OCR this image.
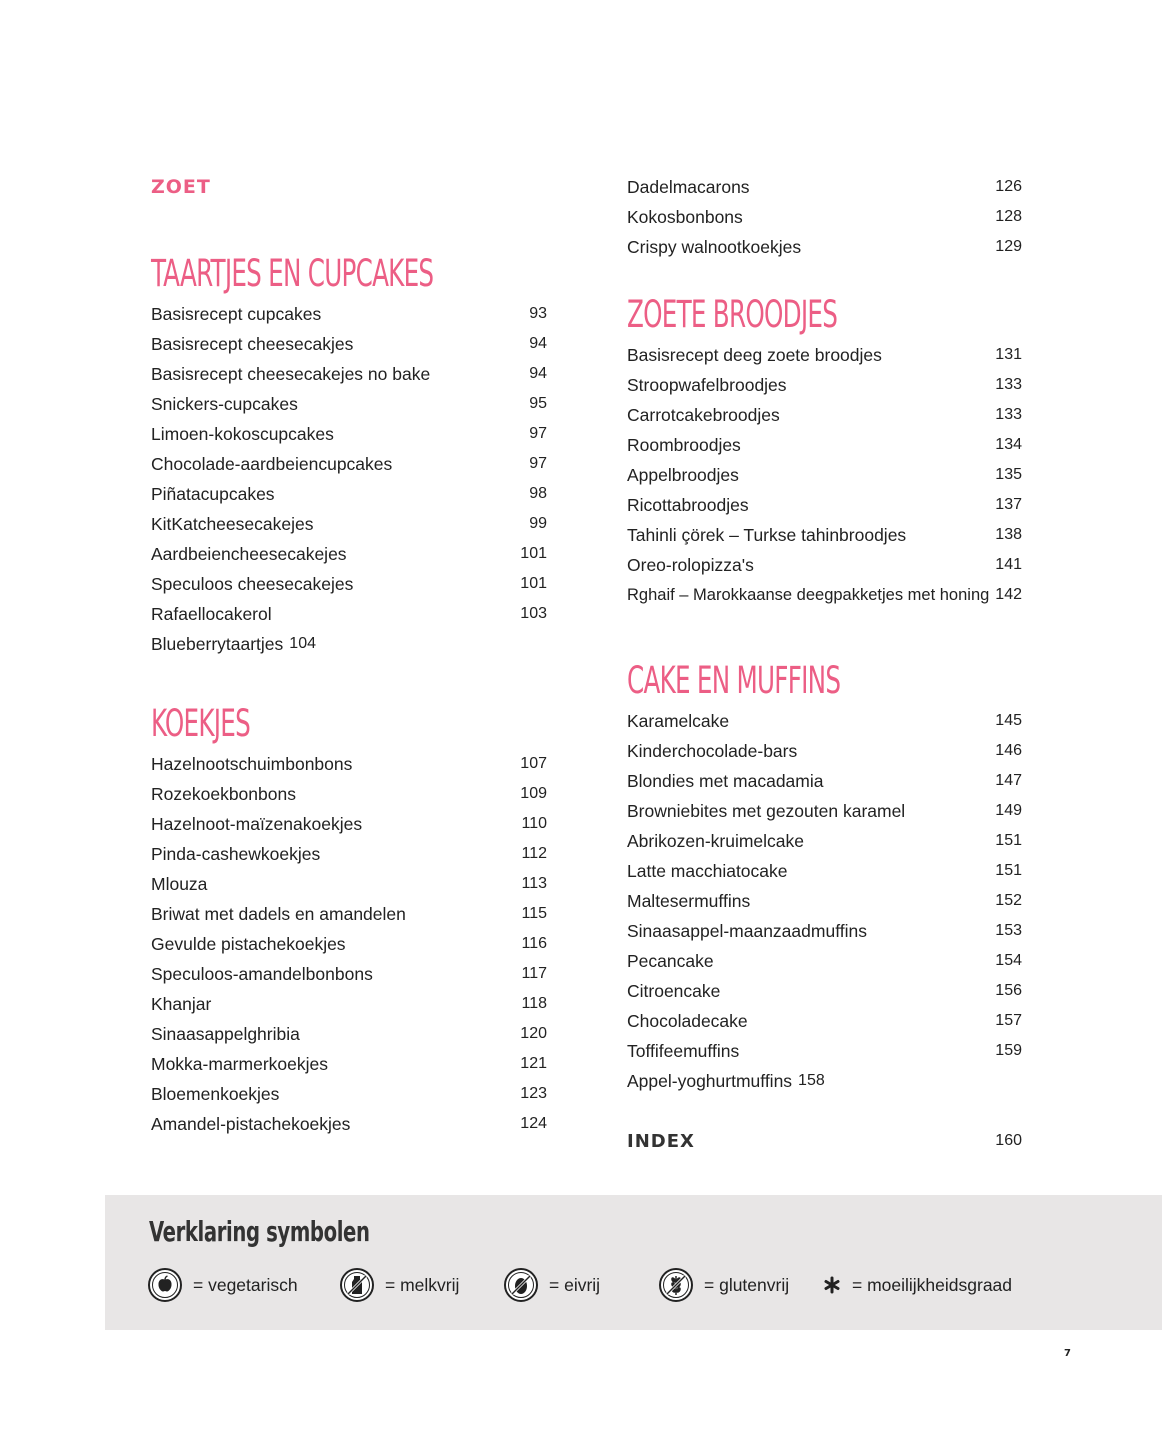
ZOET
TAARTJES EN CUPCAKES
Basisrecept cupcakes	93
Basisrecept cheesecakjes	94
Basisrecept cheesecakejes no bake	94
Snickers-cupcakes	95
Limoen-kokoscupcakes	97
Chocolade-aardbeiencupcakes	97
Piñatacupcakes	98
KitKatcheesecakejes	99
Aardbeiencheesecakejes	101
Speculoos cheesecakejes	101
Rafaellocakerol	103
Blueberrytaartjes 104
KOEKJES
Hazelnootschuimbonbons	107
Rozekoekbonbons	109
Hazelnoot-maïzenakoekjes	110
Pinda-cashewkoekjes	112
Mlouza	113
Briwat met dadels en amandelen	115
Gevulde pistachekoekjes	116
Speculoos-amandelbonbons	117
Khanjar	118
Sinaasappelghribia	120
Mokka-marmerkoekjes	121
Bloemenkoekjes	123
Amandel-pistachekoekjes	124
Dadelmacarons	126
Kokosbonbons	128
Crispy walnootkoekjes	129
ZOETE BROODJES
Basisrecept deeg zoete broodjes	131
Stroopwafelbroodjes	133
Carrotcakebroodjes	133
Roombroodjes	134
Appelbroodjes	135
Ricottabroodjes	137
Tahinli çörek – Turkse tahinbroodjes	138
Oreo-rolopizza's	141
Rghaif – Marokkaanse deegpakketjes met honing 142
CAKE EN MUFFINS
Karamelcake	145
Kinderchocolade-bars	146
Blondies met macadamia	147
Browniebites met gezouten karamel	149
Abrikozen-kruimelcake	151
Latte macchiatocake	151
Maltesermuffins	152
Sinaasappel-maanzaadmuffins	153
Pecancake	154
Citroencake	156
Chocoladecake	157
Toffifeemuffins	159
Appel-yoghurtmuffins 158
INDEX	160
Verklaring symbolen
= vegetarisch	= melkvrij	= eivrij	= glutenvrij	= moeilijkheidsgraad
7
